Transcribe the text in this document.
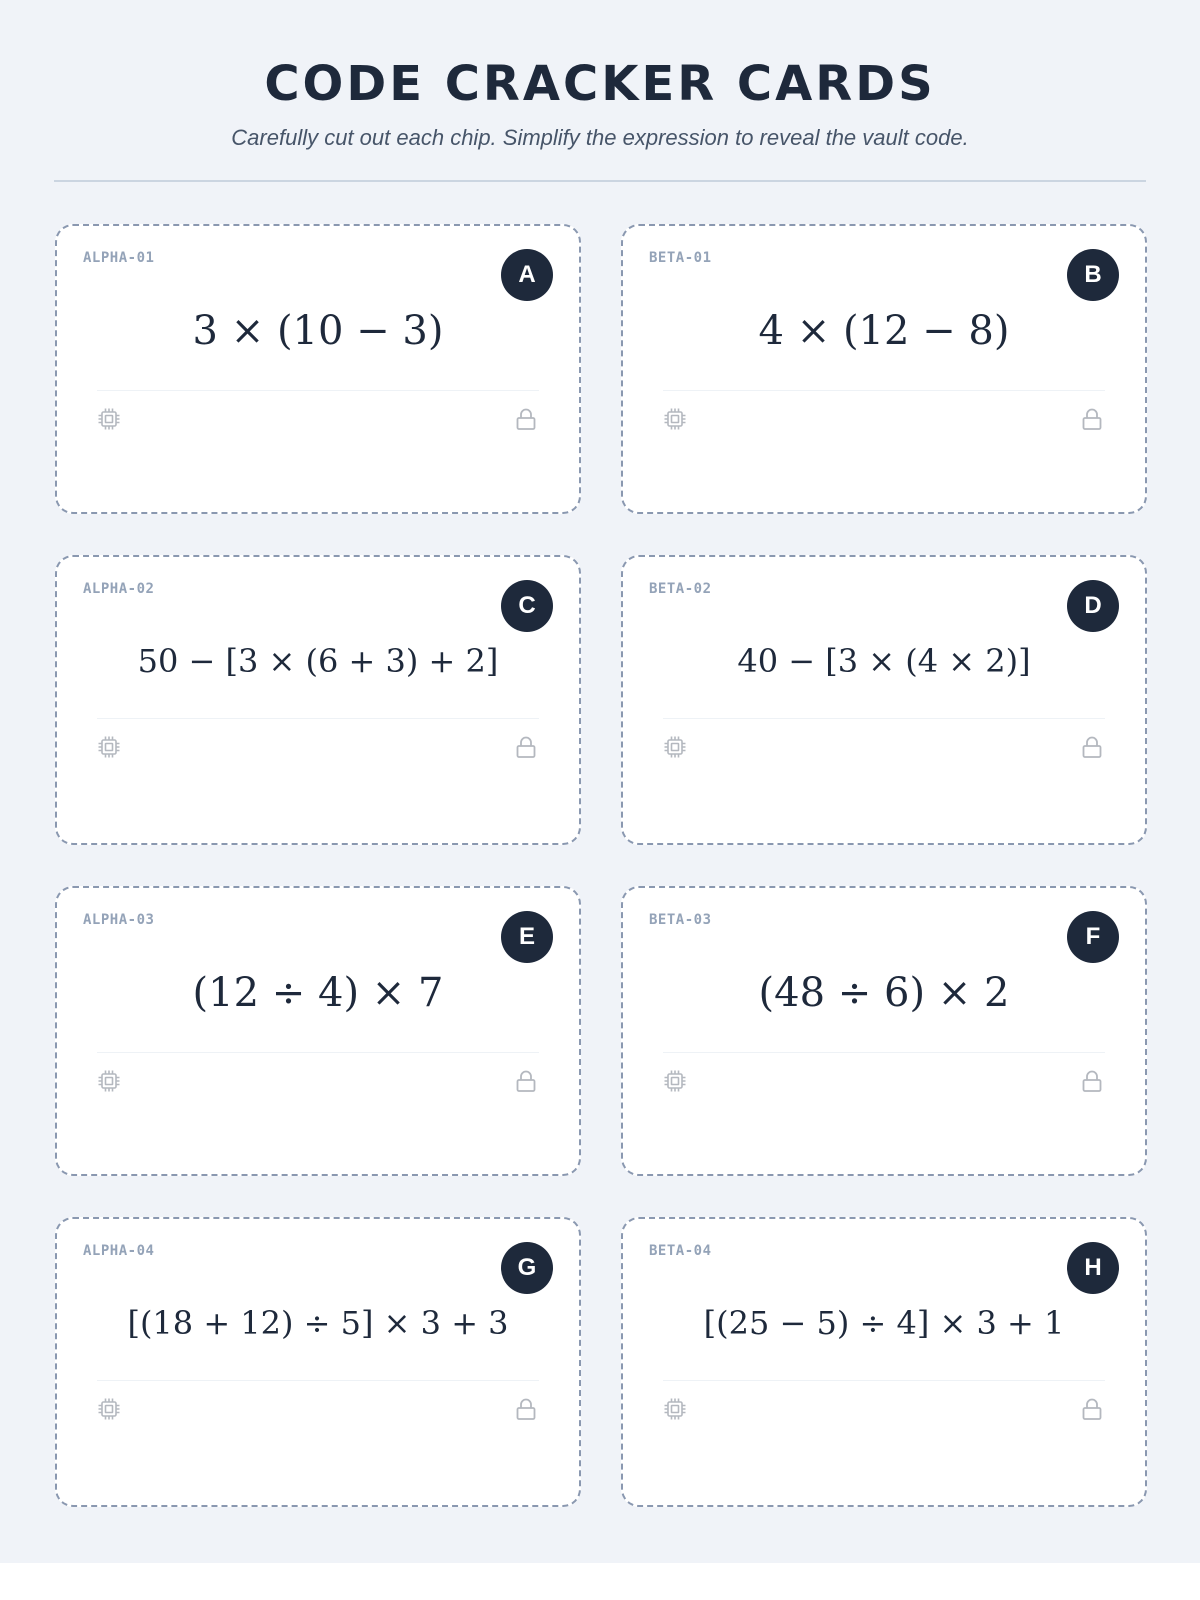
CODE CRACKER CARDS

Carefully cut out each chip. Simplify the expression to reveal the vault code.

ALPHA-01
A
3 × (10 − 3)
BETA-01
B
4 × (12 − 8)
ALPHA-02
C
50 − [3 × (6 + 3) + 2]
BETA-02
D
40 − [3 × (4 × 2)]
ALPHA-03
E
(12 ÷ 4) × 7
BETA-03
F
(48 ÷ 6) × 2
ALPHA-04
G
[(18 + 12) ÷ 5] × 3 + 3
BETA-04
H
[(25 − 5) ÷ 4] × 3 + 1
